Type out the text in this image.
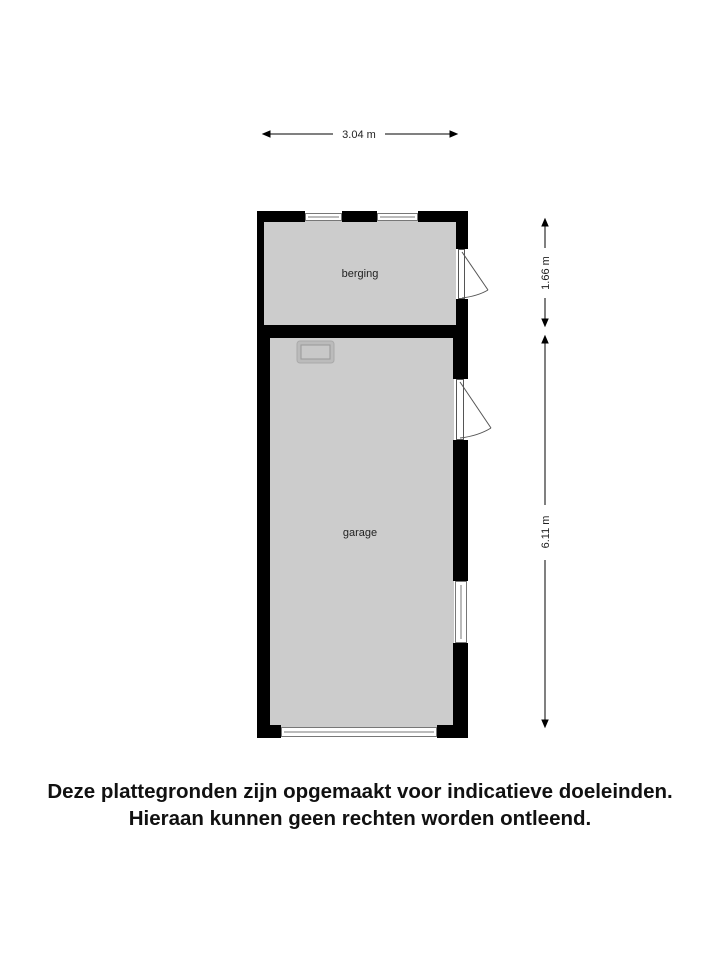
3.04 m
1.66 m
6.11 m
berging
garage
Deze plattegronden zijn opgemaakt voor indicatieve doeleinden.
Hieraan kunnen geen rechten worden ontleend.
